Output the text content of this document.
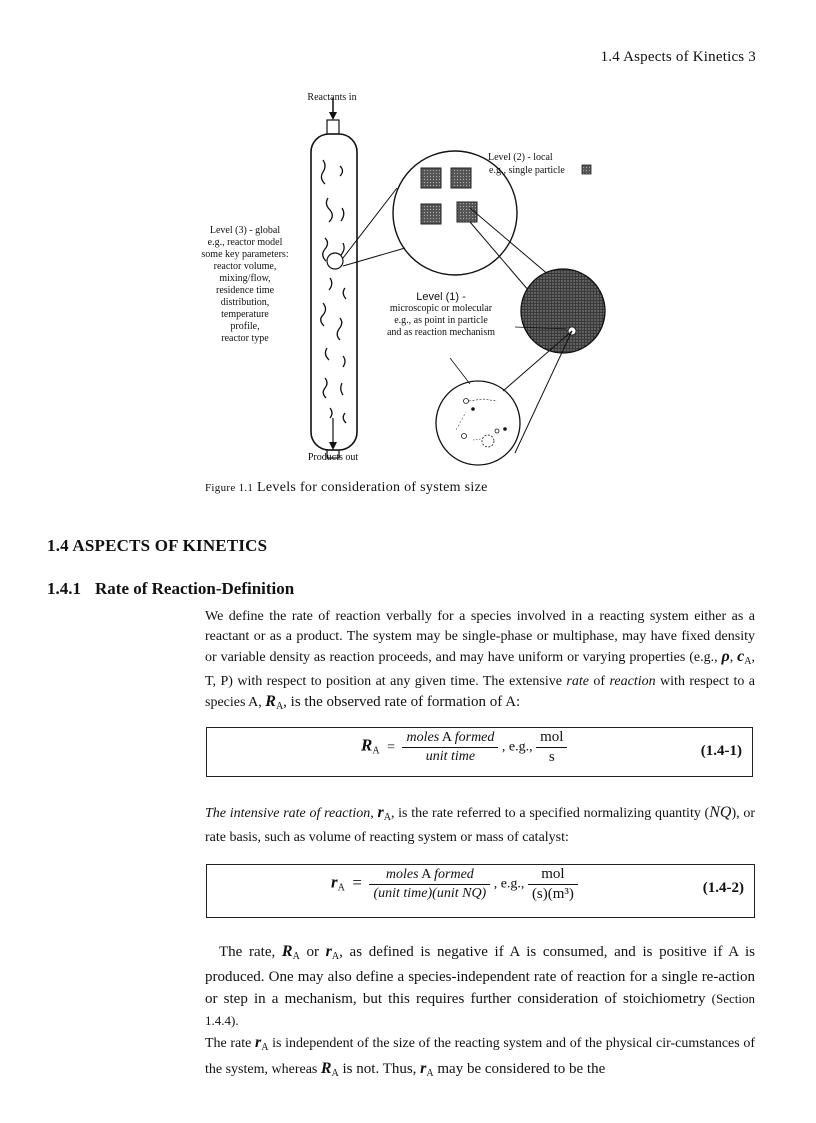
1.4 Aspects of Kinetics 3
Reactants in
Products out
Level (2) - local
e.g., single particle
Level (3) - global
e.g., reactor model
some key parameters:
reactor volume,
mixing/flow,
residence time
distribution,
temperature
profile,
reactor type
Level (1) -
microscopic or molecular
e.g., as point in particle
and as reaction mechanism
Figure 1.1 Levels for consideration of system size
1.4 ASPECTS OF KINETICS
1.4.1 Rate of Reaction-Definition
We define the rate of reaction verbally for a species involved in a reacting system either as a reactant or as a product. The system may be single-phase or multiphase, may have fixed density or variable density as reaction proceeds, and may have uniform or varying properties (e.g., ρ, $c_A$, T, P) with respect to position at any given time. The extensive rate of reaction with respect to a species A, $R_A$, is the observed rate of formation of A:
$R_A = \frac{\text{moles A formed}}{\text{unit time}}$ , e.g., $\frac{\text{mol}}{s}$	(1.4-1)
The intensive rate of reaction, $r_A$, is the rate referred to a specified normalizing quantity (NQ), or rate basis, such as volume of reacting system or mass of catalyst:
$r_A = \frac{\text{moles A formed}}{\text{(unit time)(unit NQ)}}$ , e.g., $\frac{\text{mol}}{\text{(s)(m³)}}$	(1.4-2)
The rate, $R_A$ or $r_A$, as defined is negative if A is consumed, and is positive if A is produced. One may also define a species-independent rate of reaction for a single re-action or step in a mechanism, but this requires further consideration of stoichiometry (Section 1.4.4).
The rate $r_A$ is independent of the size of the reacting system and of the physical cir-cumstances of the system, whereas $R_A$ is not. Thus, $r_A$ may be considered to be the
